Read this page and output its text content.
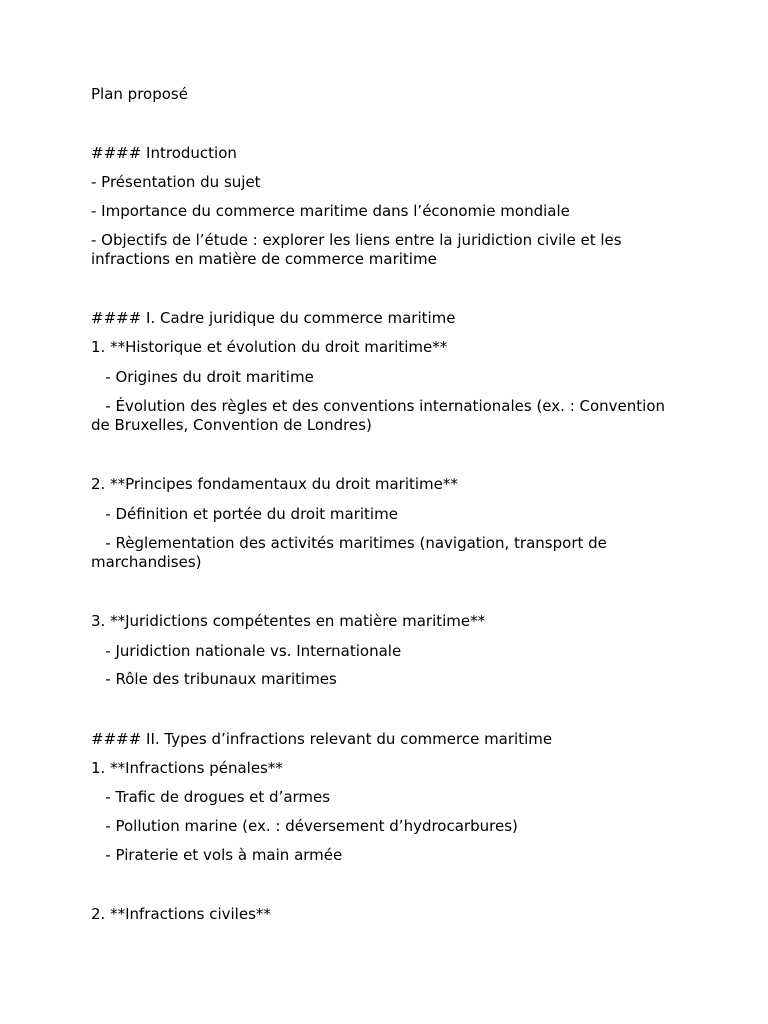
Plan proposé

#### Introduction

- Présentation du sujet

- Importance du commerce maritime dans l’économie mondiale

- Objectifs de l’étude : explorer les liens entre la juridiction civile et les infractions en matière de commerce maritime

#### I. Cadre juridique du commerce maritime

1. **Historique et évolution du droit maritime**

- Origines du droit maritime

- Évolution des règles et des conventions internationales (ex. : Convention de Bruxelles, Convention de Londres)

2. **Principes fondamentaux du droit maritime**

- Définition et portée du droit maritime

- Règlementation des activités maritimes (navigation, transport de marchandises)

3. **Juridictions compétentes en matière maritime**

- Juridiction nationale vs. Internationale

- Rôle des tribunaux maritimes

#### II. Types d’infractions relevant du commerce maritime

1. **Infractions pénales**

- Trafic de drogues et d’armes

- Pollution marine (ex. : déversement d’hydrocarbures)

- Piraterie et vols à main armée

2. **Infractions civiles**
